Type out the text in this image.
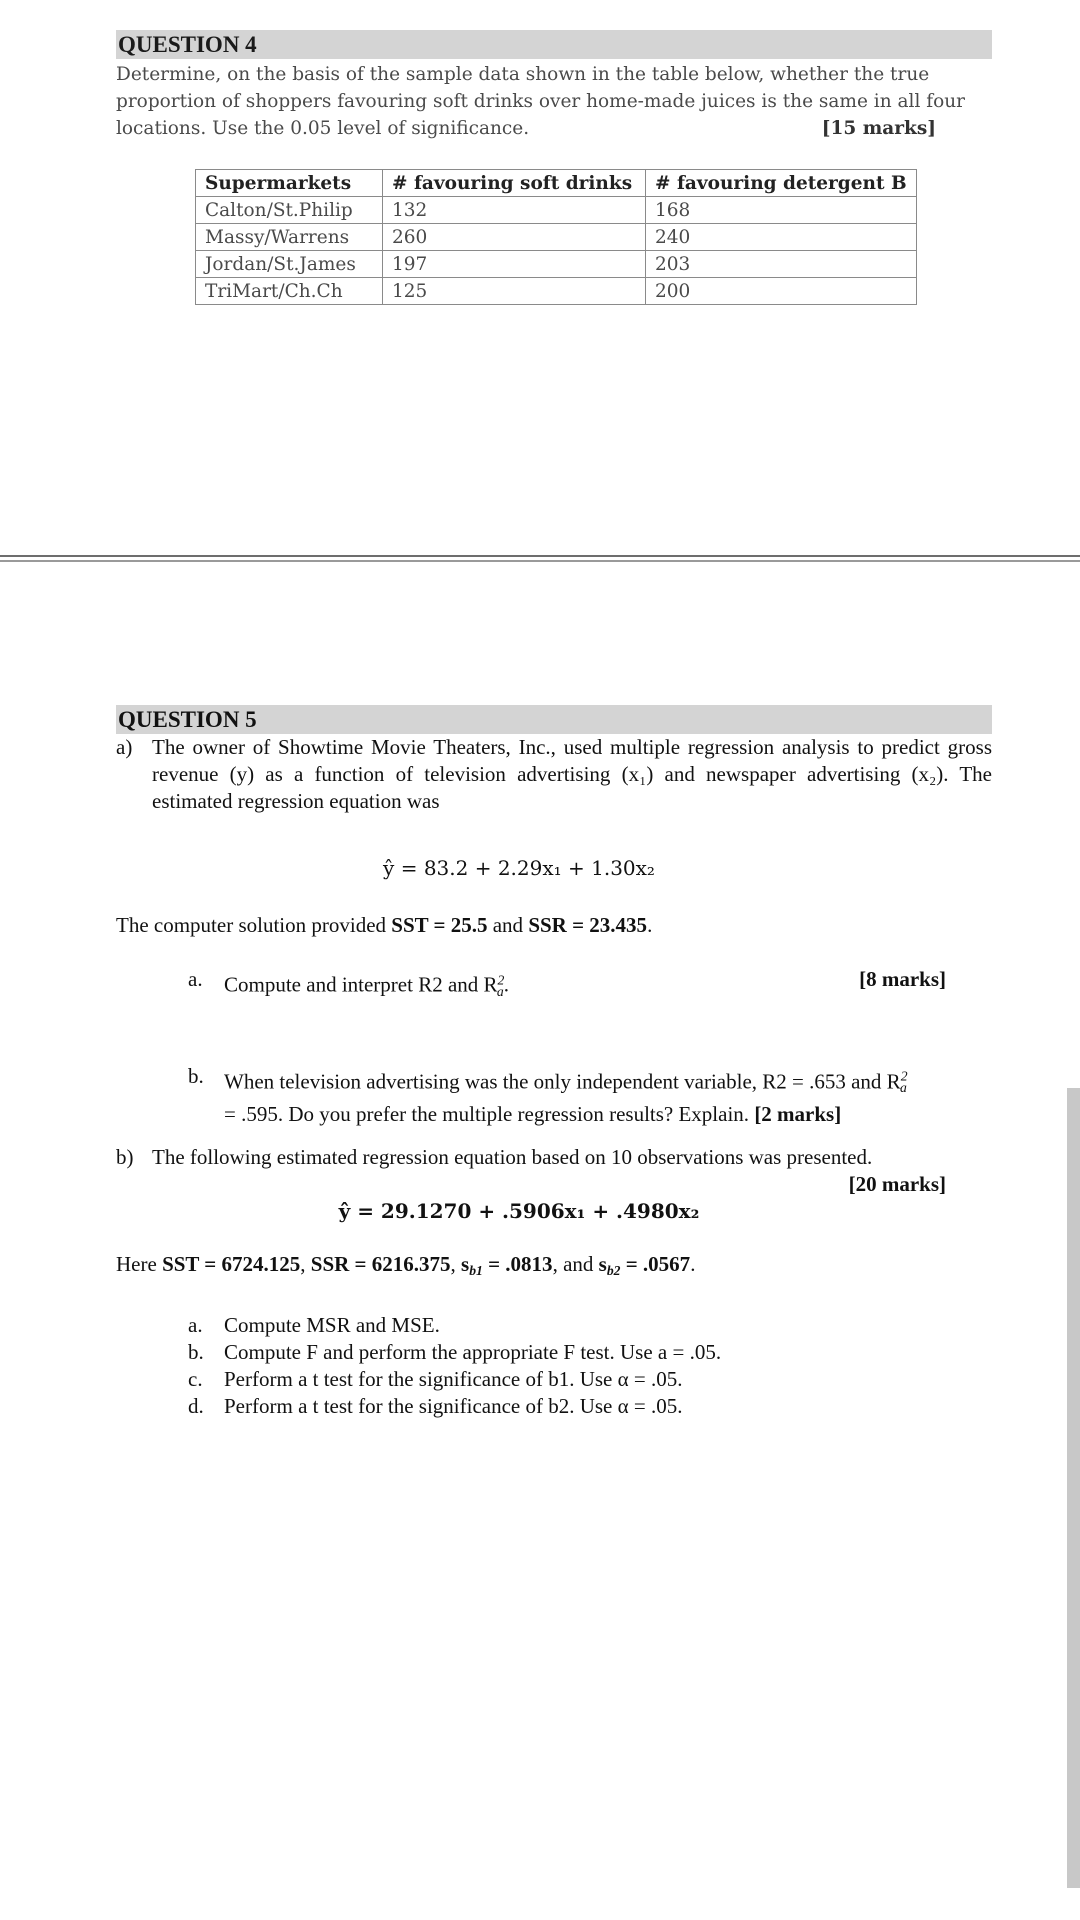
QUESTION 4
Determine, on the basis of the sample data shown in the table below, whether the true
proportion of shoppers favouring soft drinks over home-made juices is the same in all four
locations. Use the 0.05 level of significance.	[15 marks]
Supermarkets	# favouring soft drinks	# favouring detergent B
Calton/St.Philip	132	168
Massy/Warrens	260	240
Jordan/St.James	197	203
TriMart/Ch.Ch	125	200
QUESTION 5
a) The owner of Showtime Movie Theaters, Inc., used multiple regression analysis to predict gross revenue (y) as a function of television advertising (x₁) and newspaper advertising (x₂). The estimated regression equation was
ŷ = 83.2 + 2.29x₁ + 1.30x₂
The computer solution provided SST = 25.5 and SSR = 23.435.
a.	Compute and interpret R2 and $R^2_a$.	[8 marks]
b. When television advertising was the only independent variable, R2 = .653 and $R^2_a$
= .595. Do you prefer the multiple regression results? Explain. [2 marks]
b) The following estimated regression equation based on 10 observations was presented.
[20 marks]
ŷ = 29.1270 + .5906x₁ + .4980x₂
Here SST = 6724.125, SSR = 6216.375, $s_{b1} = .0813$, and $s_{b2} = .0567$.
a.	Compute MSR and MSE.
b. Compute F and perform the appropriate F test. Use a = .05.
c.	Perform a t test for the significance of b1. Use α = .05.
d. Perform a t test for the significance of b2. Use α = .05.
